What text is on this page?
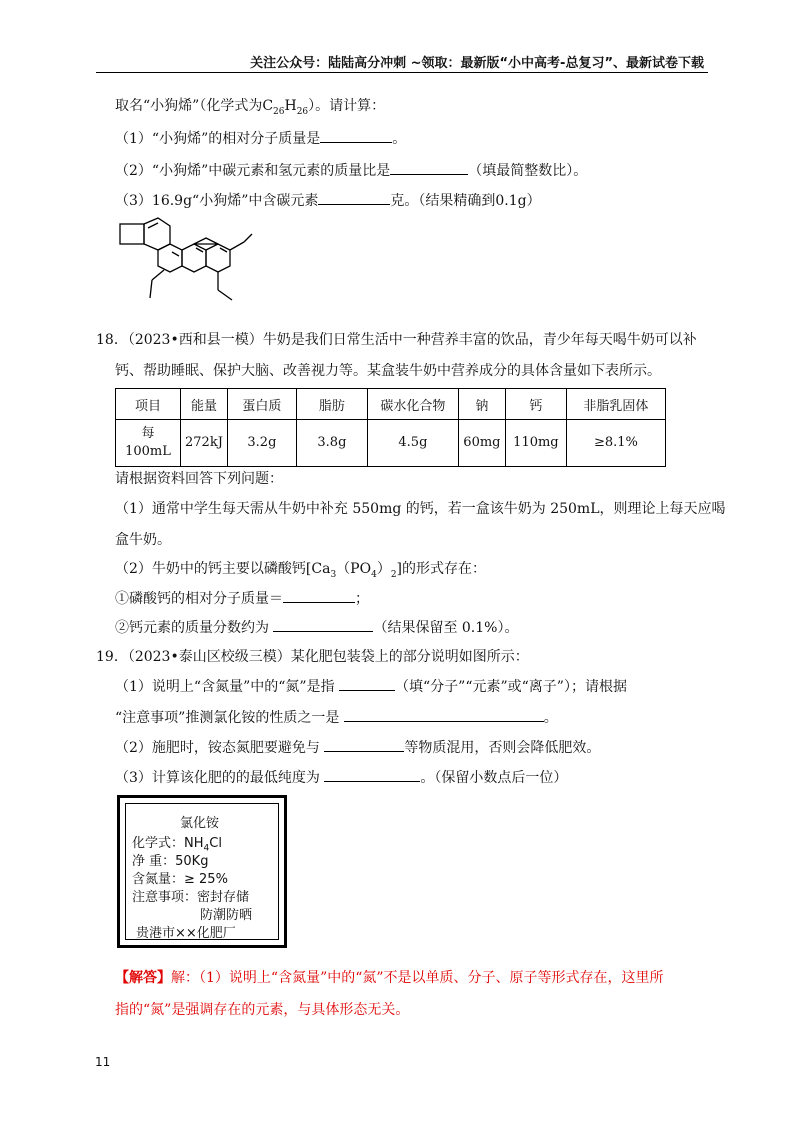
关注公众号：陆陆高分冲刺 ~领取：最新版“小中高考-总复习”、最新试卷下载
取名“小狗烯”（化学式为$C_{26}H_{26}$）。请计算：
（1）“小狗烯”的相对分子质量是	。
（2）“小狗烯”中碳元素和氢元素的质量比是	（填最简整数比）。
（3）16.9g“小狗烯”中含碳元素	克。（结果精确到0.1g）
18．（2023•西和县一模）牛奶是我们日常生活中一种营养丰富的饮品，青少年每天喝牛奶可以补
钙、帮助睡眠、保护大脑、改善视力等。某盒装牛奶中营养成分的具体含量如下表所示。
项目	能量	蛋白质	脂肪	碳水化合物	钠	钙	非脂乳固体
每
100mL	272kJ	3.2g	3.8g	4.5g	60mg	110mg	≥8.1%
请根据资料回答下列问题：
（1）通常中学生每天需从牛奶中补充 550mg 的钙，若一盒该牛奶为 250mL，则理论上每天应喝
盒牛奶。
（2）牛奶中的钙主要以磷酸钙$[Ca_3(PO_4)_2]$的形式存在：
①磷酸钙的相对分子质量＝	；
②钙元素的质量分数约为	（结果保留至 0.1%）。
19．（2023•泰山区校级三模）某化肥包装袋上的部分说明如图所示：
（1）说明上“含氮量”中的“氮”是指	（填“分子”“元素”或“离子”）；请根据
“注意事项”推测氯化铵的性质之一是	。
（2）施肥时，铵态氮肥要避免与	等物质混用，否则会降低肥效。
（3）计算该化肥的的最低纯度为	。（保留小数点后一位）
氯化铵
化学式：$NH_4Cl$
净 重：50Kg
含氮量：≥ 25%
注意事项：密封存储
防潮防晒
贵港市××化肥厂
【解答】解：（1）说明上“含氮量”中的“氮”不是以单质、分子、原子等形式存在，这里所
指的“氮”是强调存在的元素，与具体形态无关。
11
